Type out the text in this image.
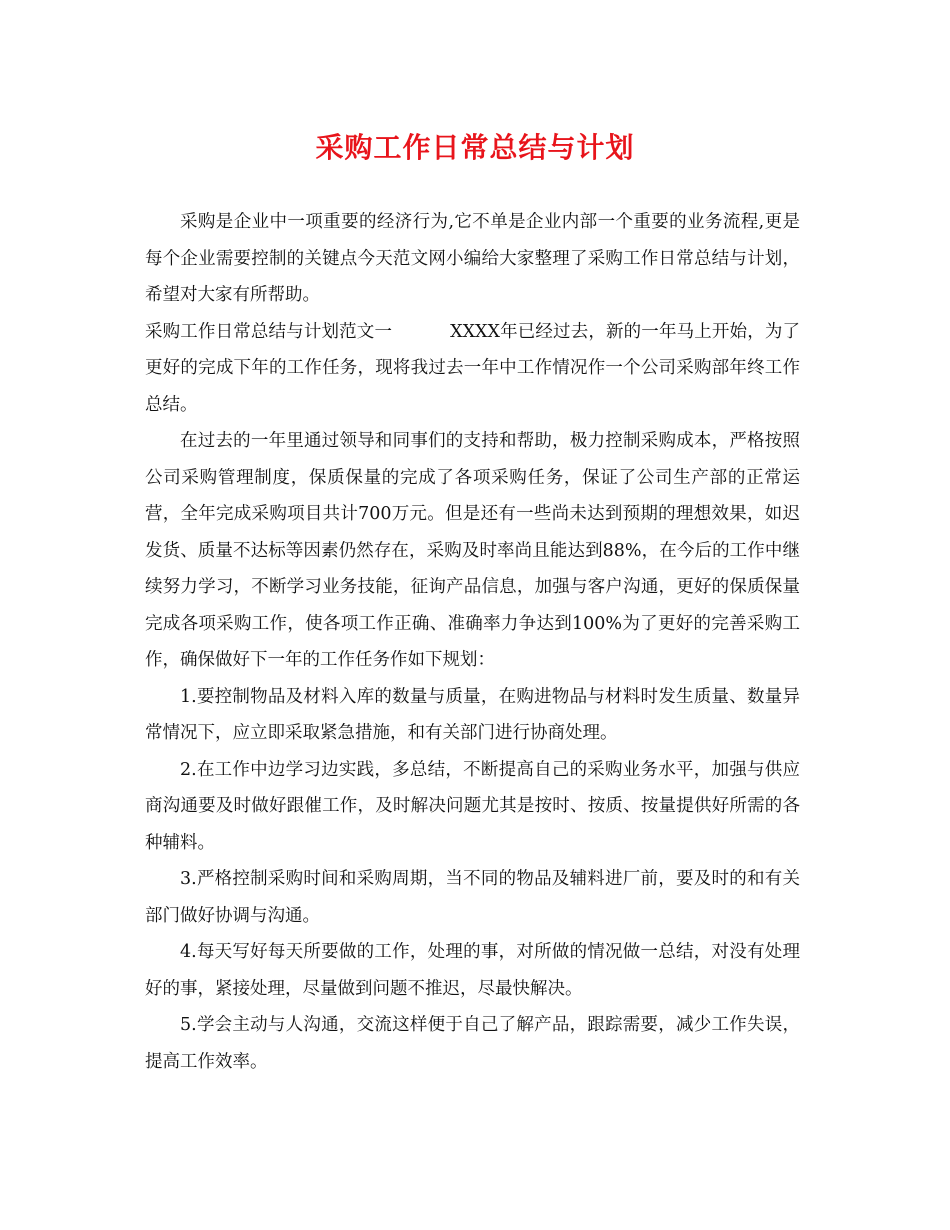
采购工作日常总结与计划

采购是企业中一项重要的经济行为,它不单是企业内部一个重要的业务流程,更是每个企业需要控制的关键点今天范文网小编给大家整理了采购工作日常总结与计划，希望对大家有所帮助。

采购工作日常总结与计划范文一	XXXX年已经过去，新的一年马上开始，为了更好的完成下年的工作任务，现将我过去一年中工作情况作一个公司采购部年终工作总结。

在过去的一年里通过领导和同事们的支持和帮助，极力控制采购成本，严格按照公司采购管理制度，保质保量的完成了各项采购任务，保证了公司生产部的正常运营，全年完成采购项目共计700万元。但是还有一些尚未达到预期的理想效果，如迟发货、质量不达标等因素仍然存在，采购及时率尚且能达到88%，在今后的工作中继续努力学习，不断学习业务技能，征询产品信息，加强与客户沟通，更好的保质保量完成各项采购工作，使各项工作正确、准确率力争达到100%为了更好的完善采购工作，确保做好下一年的工作任务作如下规划：

1.要控制物品及材料入库的数量与质量，在购进物品与材料时发生质量、数量异常情况下，应立即采取紧急措施，和有关部门进行协商处理。

2.在工作中边学习边实践，多总结，不断提高自己的采购业务水平，加强与供应商沟通要及时做好跟催工作，及时解决问题尤其是按时、按质、按量提供好所需的各种辅料。

3.严格控制采购时间和采购周期，当不同的物品及辅料进厂前，要及时的和有关部门做好协调与沟通。

4.每天写好每天所要做的工作，处理的事，对所做的情况做一总结，对没有处理好的事，紧接处理，尽量做到问题不推迟，尽最快解决。

5.学会主动与人沟通，交流这样便于自己了解产品，跟踪需要，减少工作失误，提高工作效率。
